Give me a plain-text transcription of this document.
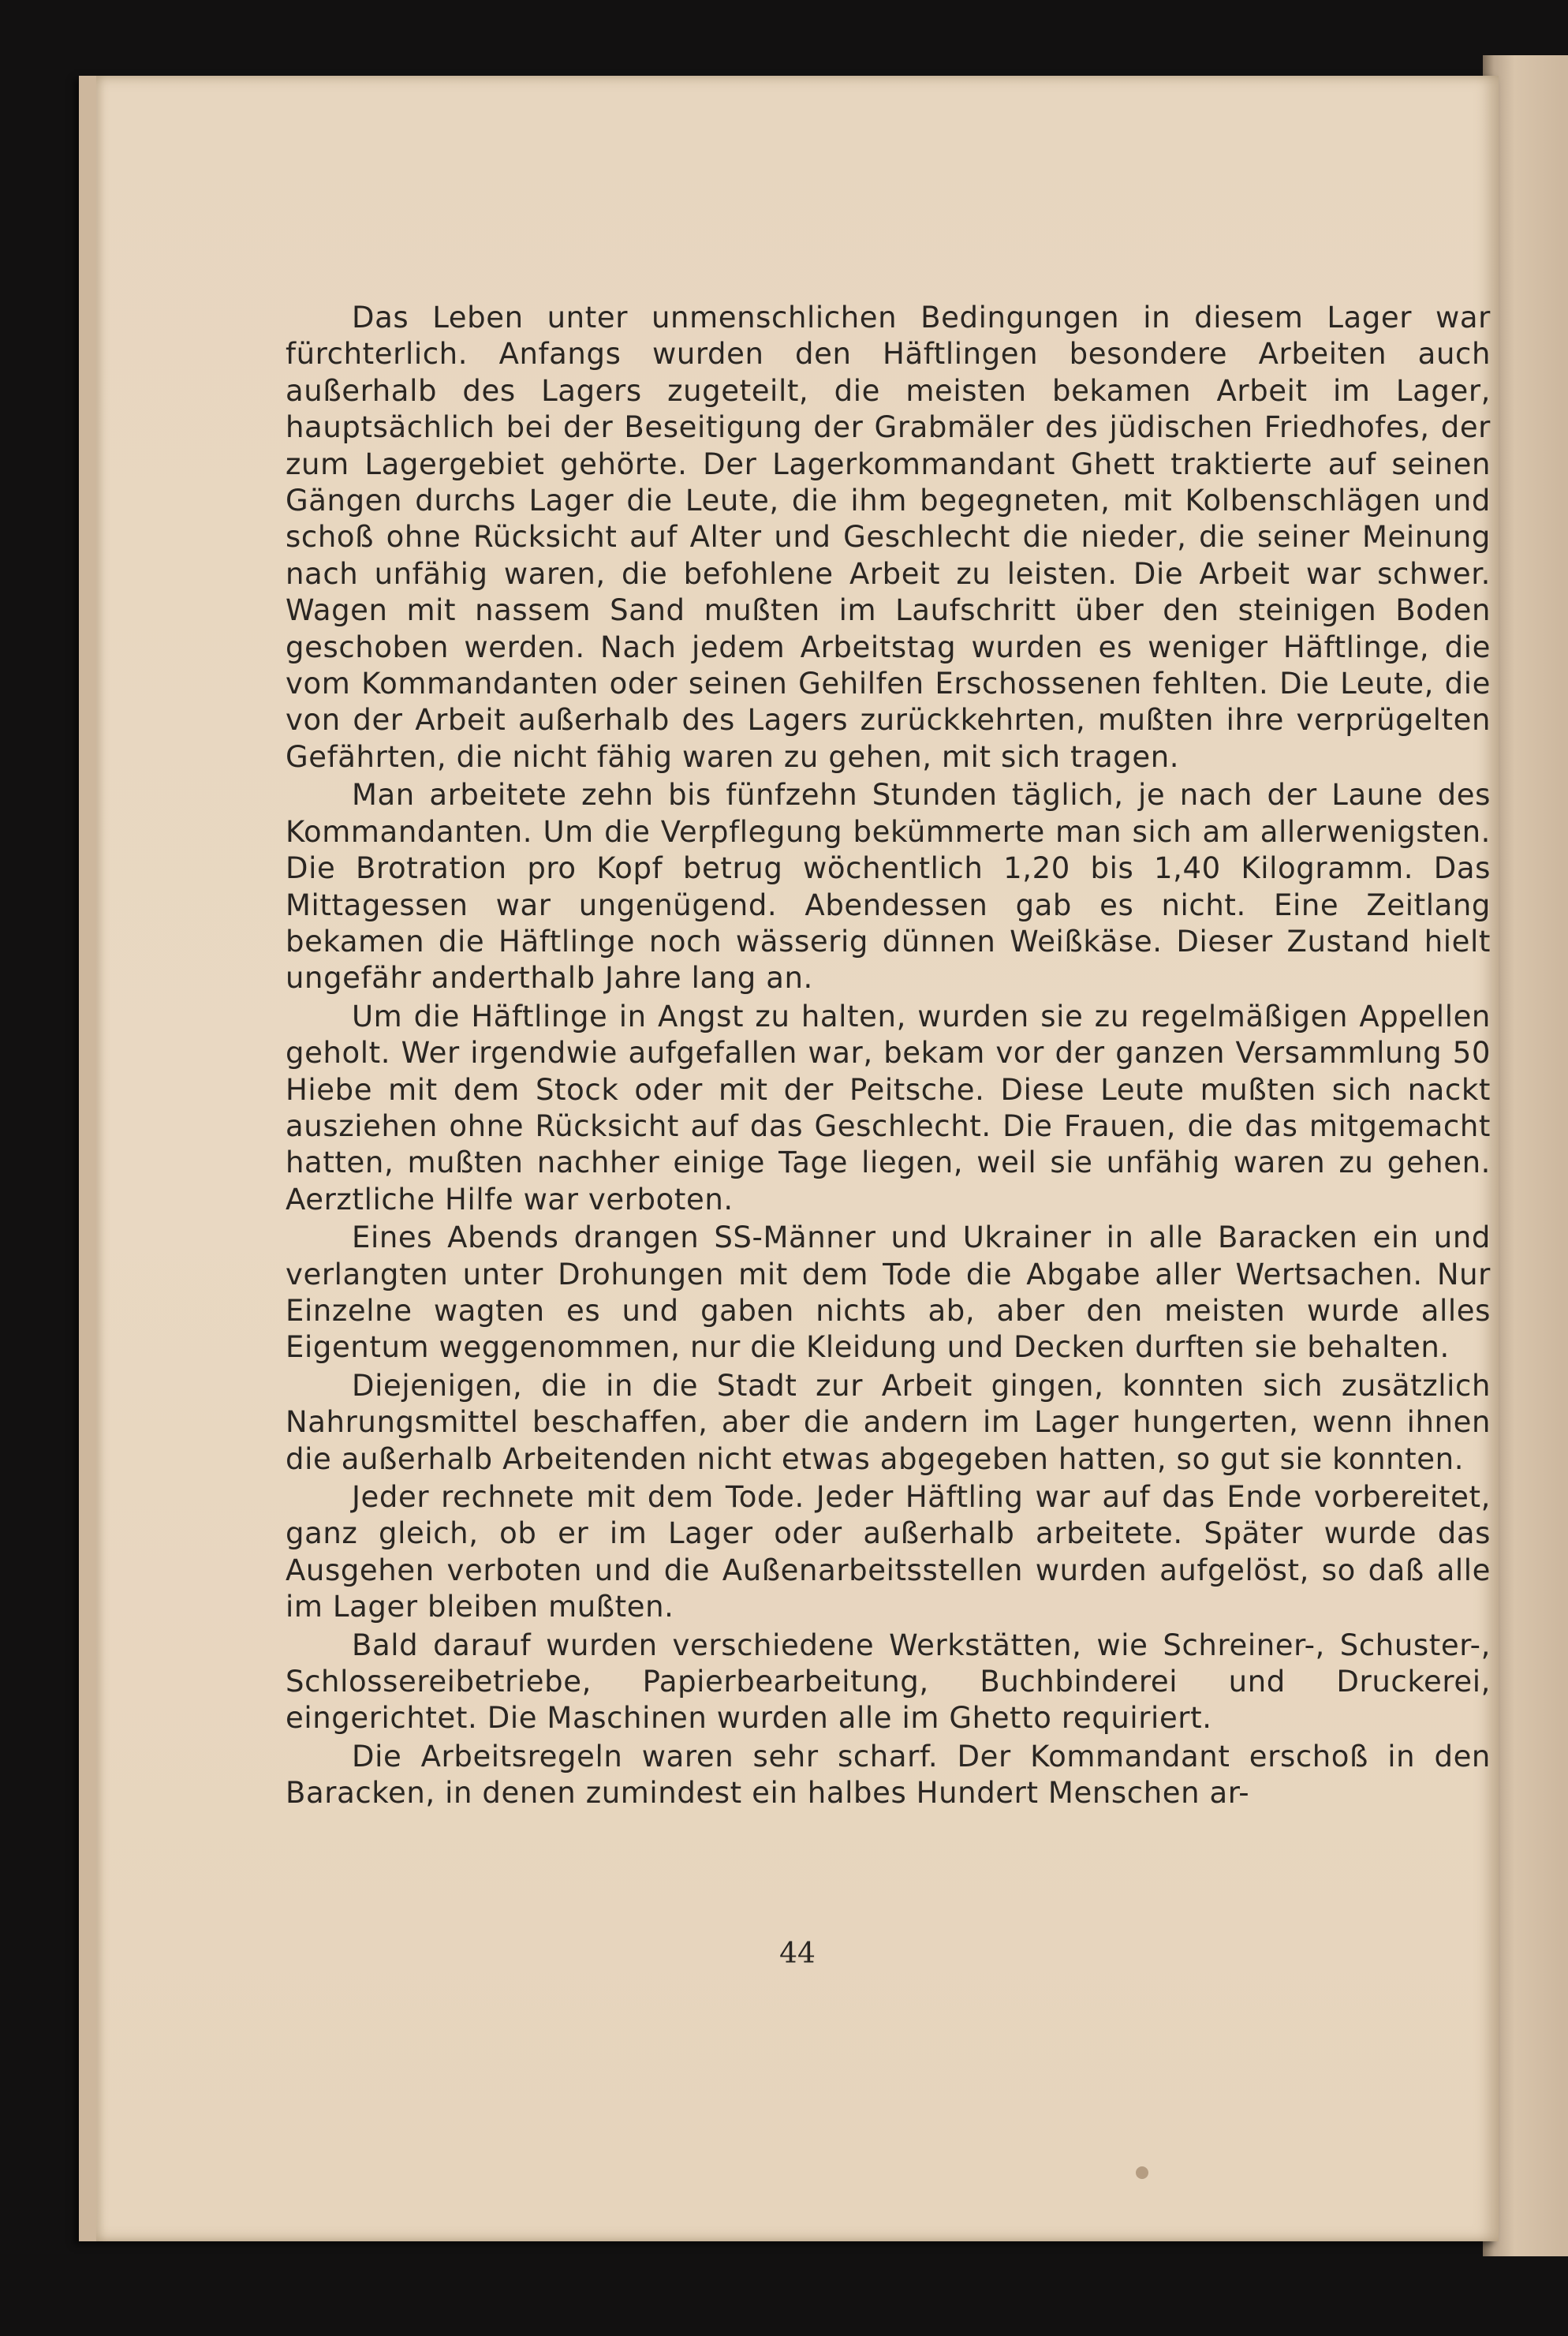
Das Leben unter unmenschlichen Bedingungen in diesem Lager war fürchterlich. Anfangs wurden den Häftlingen besondere Arbeiten auch außerhalb des Lagers zugeteilt, die meisten bekamen Arbeit im Lager, hauptsächlich bei der Beseitigung der Grabmäler des jüdischen Friedhofes, der zum Lagergebiet gehörte. Der Lagerkommandant Ghett traktierte auf seinen Gängen durchs Lager die Leute, die ihm begegneten, mit Kolbenschlägen und schoß ohne Rücksicht auf Alter und Geschlecht die nieder, die seiner Meinung nach unfähig waren, die befohlene Arbeit zu leisten. Die Arbeit war schwer. Wagen mit nassem Sand mußten im Laufschritt über den steinigen Boden geschoben werden. Nach jedem Arbeitstag wurden es weniger Häftlinge, die vom Kommandanten oder seinen Gehilfen Erschossenen fehlten. Die Leute, die von der Arbeit außerhalb des Lagers zurückkehrten, mußten ihre verprügelten Gefährten, die nicht fähig waren zu gehen, mit sich tragen.

Man arbeitete zehn bis fünfzehn Stunden täglich, je nach der Laune des Kommandanten. Um die Verpflegung bekümmerte man sich am allerwenigsten. Die Brotration pro Kopf betrug wöchentlich 1,20 bis 1,40 Kilogramm. Das Mittagessen war ungenügend. Abendessen gab es nicht. Eine Zeitlang bekamen die Häftlinge noch wässerig dünnen Weißkäse. Dieser Zustand hielt ungefähr anderthalb Jahre lang an.

Um die Häftlinge in Angst zu halten, wurden sie zu regelmäßigen Appellen geholt. Wer irgendwie aufgefallen war, bekam vor der ganzen Versammlung 50 Hiebe mit dem Stock oder mit der Peitsche. Diese Leute mußten sich nackt ausziehen ohne Rücksicht auf das Geschlecht. Die Frauen, die das mitgemacht hatten, mußten nachher einige Tage liegen, weil sie unfähig waren zu gehen. Aerztliche Hilfe war verboten.

Eines Abends drangen SS-Männer und Ukrainer in alle Baracken ein und verlangten unter Drohungen mit dem Tode die Abgabe aller Wertsachen. Nur Einzelne wagten es und gaben nichts ab, aber den meisten wurde alles Eigentum weggenommen, nur die Kleidung und Decken durften sie behalten.

Diejenigen, die in die Stadt zur Arbeit gingen, konnten sich zusätzlich Nahrungsmittel beschaffen, aber die andern im Lager hungerten, wenn ihnen die außerhalb Arbeitenden nicht etwas abgegeben hatten, so gut sie konnten.

Jeder rechnete mit dem Tode. Jeder Häftling war auf das Ende vorbereitet, ganz gleich, ob er im Lager oder außerhalb arbeitete. Später wurde das Ausgehen verboten und die Außenarbeitsstellen wurden aufgelöst, so daß alle im Lager bleiben mußten.

Bald darauf wurden verschiedene Werkstätten, wie Schreiner-, Schuster-, Schlossereibetriebe, Papierbearbeitung, Buchbinderei und Druckerei, eingerichtet. Die Maschinen wurden alle im Ghetto requiriert.

Die Arbeitsregeln waren sehr scharf. Der Kommandant erschoß in den Baracken, in denen zumindest ein halbes Hundert Menschen ar-

44
